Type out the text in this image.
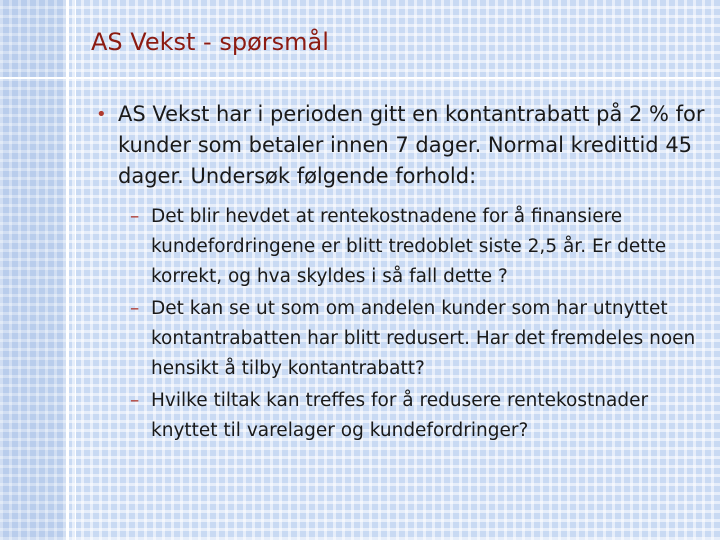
AS Vekst - spørsmål
• AS Vekst har i perioden gitt en kontantrabatt på 2 % for kunder som betaler innen 7 dager. Normal kredittid 45 dager. Undersøk følgende forhold:
– Det blir hevdet at rentekostnadene for å finansiere kundefordringene er blitt tredoblet siste 2,5 år. Er dette korrekt, og hva skyldes i så fall dette ?
– Det kan se ut som om andelen kunder som har utnyttet kontantrabatten har blitt redusert. Har det fremdeles noen hensikt å tilby kontantrabatt?
– Hvilke tiltak kan treffes for å redusere rentekostnader knyttet til varelager og kundefordringer?
